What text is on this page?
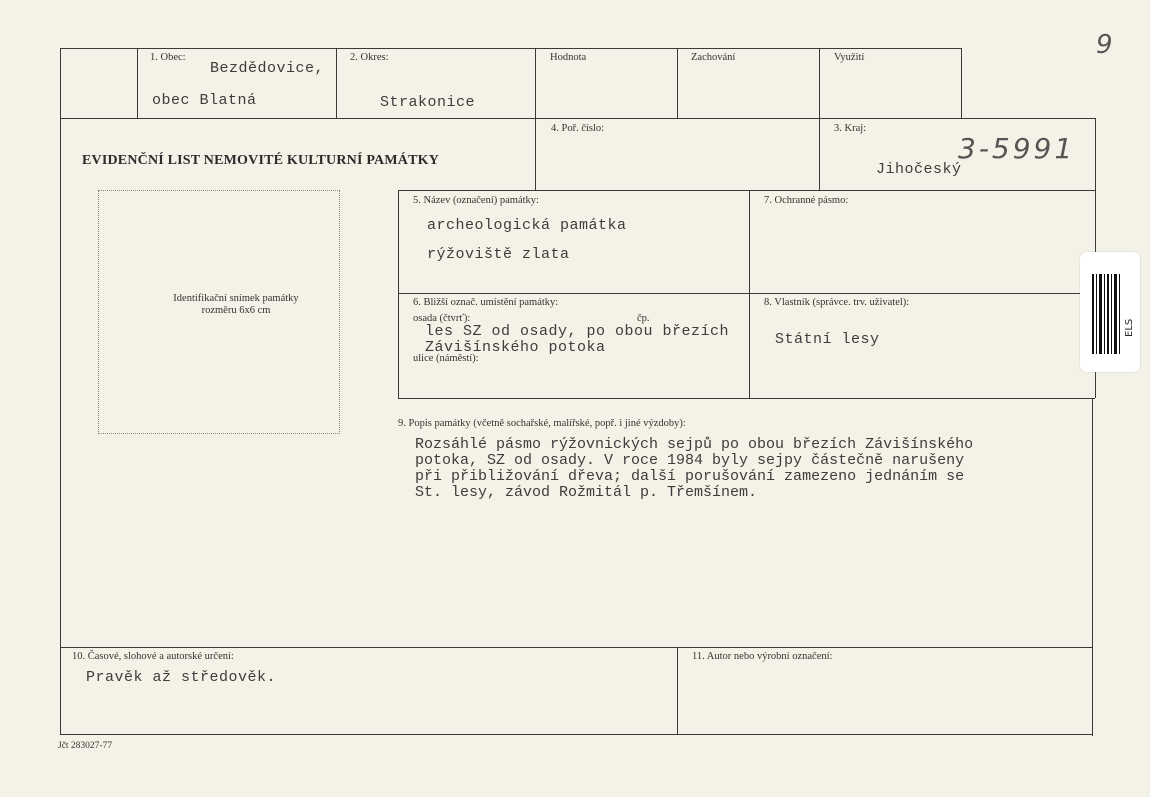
9
3-5991
1. Obec:
Bezdědovice,
obec Blatná
2. Okres:
Strakonice
Hodnota	Zachování	Využití
EVIDENČNÍ LIST NEMOVITÉ KULTURNÍ PAMÁTKY
4. Poř. číslo:	3. Kraj:
Jihočeský
Identifikační snímek památky
rozměru 6x6 cm
5. Název (označení) památky:
archeologická památka
rýžoviště zlata
7. Ochranné pásmo:
6. Bližší označ. umístění památky:
osada (čtvrť):	čp.
les SZ od osady, po obou březích
Závišínského potoka
ulice (náměstí):
8. Vlastník (správce. trv. uživatel):
Státní lesy
9. Popis památky (včetně sochařské, malířské, popř. i jiné výzdoby):
Rozsáhlé pásmo rýžovnických sejpů po obou březích Závišínského
potoka, SZ od osady. V roce 1984 byly sejpy částečně narušeny
při přibližování dřeva; další porušování zamezeno jednáním se
St. lesy, závod Rožmitál p. Třemšínem.
10. Časové, slohové a autorské určení:
Pravěk až středověk.
11. Autor nebo výrobní označení:
Jčt 283027-77
ELS
